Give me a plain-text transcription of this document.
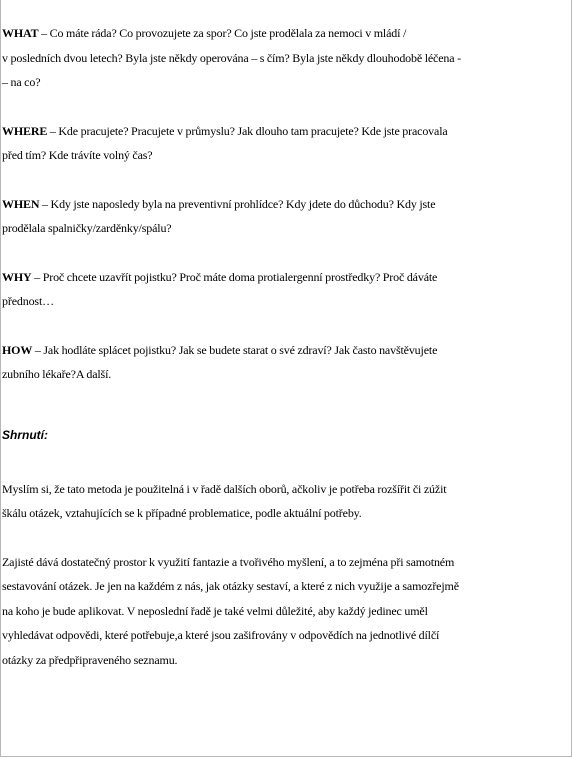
WHAT – Co máte ráda? Co provozujete za spor? Co jste prodělala za nemoci v mládí /
v posledních dvou letech? Byla jste někdy operována – s čím? Byla jste někdy dlouhodobě léčena -
– na co?

WHERE – Kde pracujete? Pracujete v průmyslu? Jak dlouho tam pracujete? Kde jste pracovala
před tím? Kde trávíte volný čas?

WHEN – Kdy jste naposledy byla na preventivní prohlídce? Kdy jdete do důchodu? Kdy jste
prodělala spalničky/zarděnky/spálu?

WHY – Proč chcete uzavřít pojistku? Proč máte doma protialergenní prostředky? Proč dáváte
přednost…

HOW – Jak hodláte splácet pojistku? Jak se budete starat o své zdraví? Jak často navštěvujete
zubního lékaře?A další.

Shrnutí:

Myslím si, že tato metoda je použitelná i v řadě dalších oborů, ačkoliv je potřeba rozšířit či zúžit
škálu otázek, vztahujících se k případné problematice, podle aktuální potřeby.

Zajisté dává dostatečný prostor k využití fantazie a tvořivého myšlení, a to zejména při samotném
sestavování otázek. Je jen na každém z nás, jak otázky sestaví, a které z nich využije a samozřejmě
na koho je bude aplikovat. V neposlední řadě je také velmi důležité, aby každý jedinec uměl
vyhledávat odpovědi, které potřebuje,a které jsou zašifrovány v odpovědích na jednotlivé dílčí
otázky za předpřipraveného seznamu.
